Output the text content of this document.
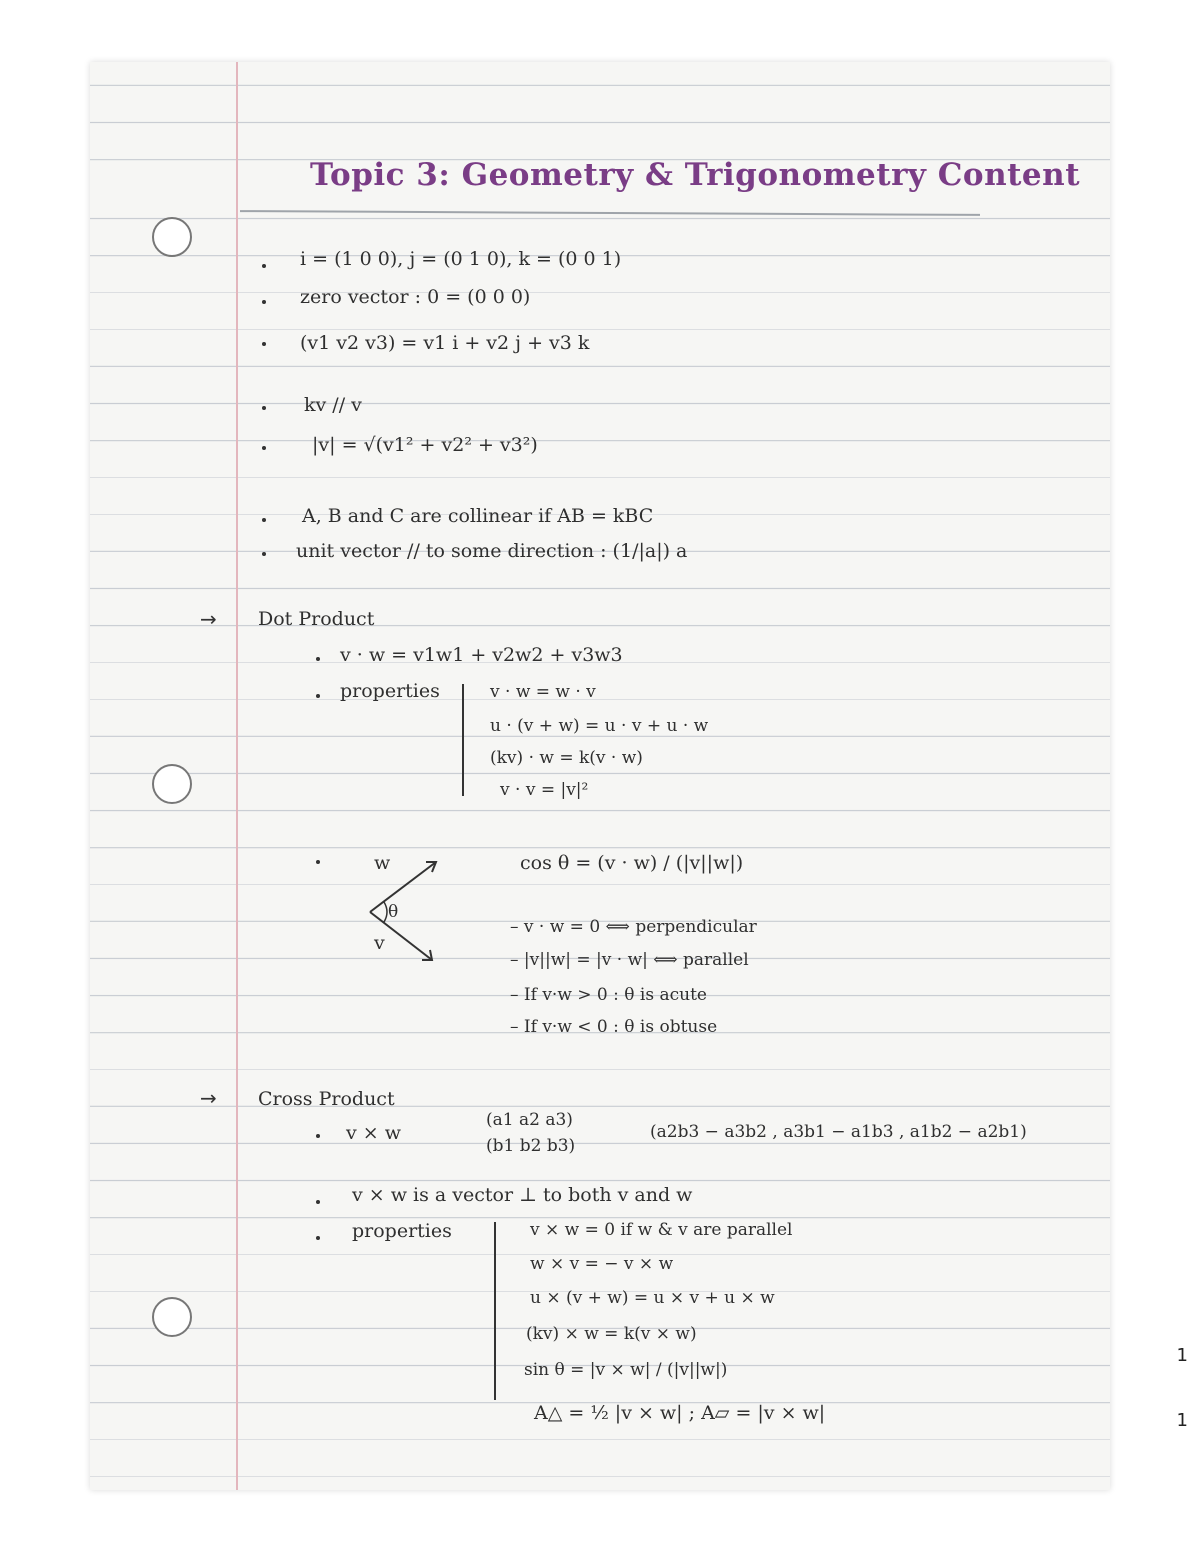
Topic 3: Geometry & Trigonometry Content
i = (1 0 0), j = (0 1 0), k = (0 0 1)
zero vector : 0 = (0 0 0)
(v1 v2 v3) = v1 i + v2 j + v3 k
kv // v
|v| = √(v1² + v2² + v3²)
A, B and C are collinear if AB = kBC
unit vector // to some direction : (1/|a|) a
→ Dot Product
v · w = v1w1 + v2w2 + v3w3
properties	v · w = w · v
u · (v + w) = u · v + u · w
(kv) · w = k(v · w)
v · v = |v|²
w
v
θ
cos θ = (v · w) / (|v||w|)
– v · w = 0 ⟺ perpendicular
– |v||w| = |v · w| ⟺ parallel
– If v·w > 0 : θ is acute
– If v·w < 0 : θ is obtuse
→ Cross Product
v × w
(a1 a2 a3)
(b1 b2 b3)
(a2b3 − a3b2 , a3b1 − a1b3 , a1b2 − a2b1)
v × w is a vector ⊥ to both v and w
properties	v × w = 0 if w & v are parallel
w × v = − v × w
u × (v + w) = u × v + u × w
(kv) × w = k(v × w)
sin θ = |v × w| / (|v||w|)
A△ = ½ |v × w| ; A▱ = |v × w|
1
1
